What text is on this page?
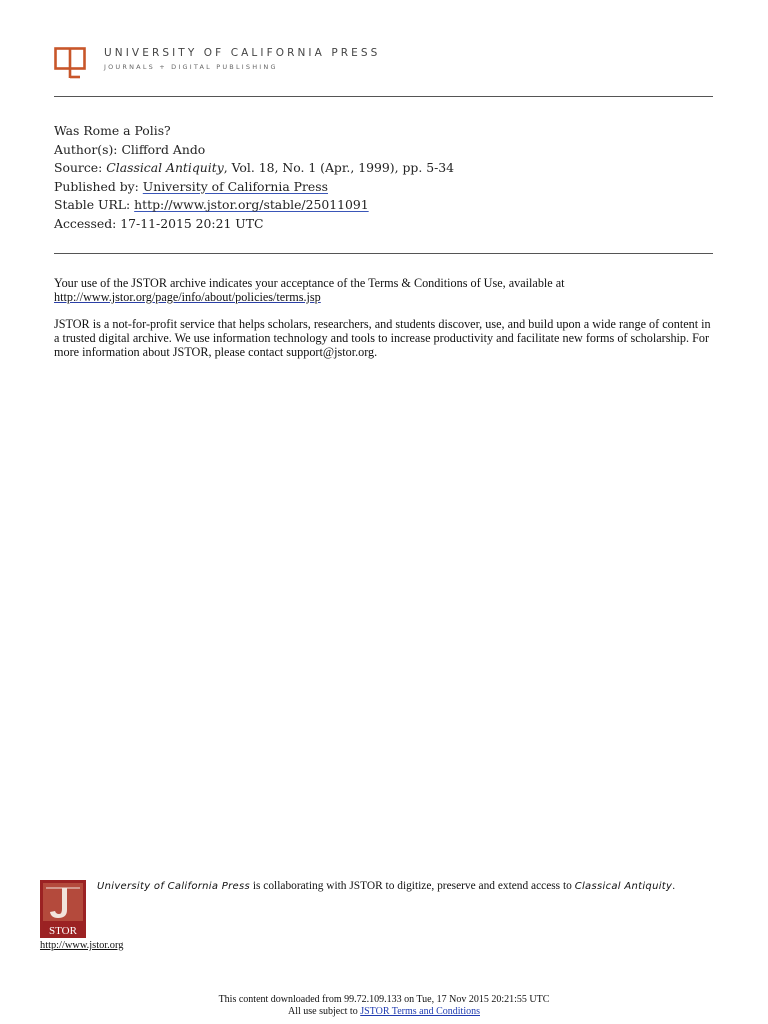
UNIVERSITY OF CALIFORNIA PRESS
JOURNALS + DIGITAL PUBLISHING
Was Rome a Polis?
Author(s): Clifford Ando
Source: Classical Antiquity, Vol. 18, No. 1 (Apr., 1999), pp. 5-34
Published by: University of California Press
Stable URL: http://www.jstor.org/stable/25011091
Accessed: 17-11-2015 20:21 UTC

Your use of the JSTOR archive indicates your acceptance of the Terms & Conditions of Use, available at http://www.jstor.org/page/info/about/policies/terms.jsp

JSTOR is a not-for-profit service that helps scholars, researchers, and students discover, use, and build upon a wide range of content in a trusted digital archive. We use information technology and tools to increase productivity and facilitate new forms of scholarship. For more information about JSTOR, please contact support@jstor.org.

STOR
University of California Press is collaborating with JSTOR to digitize, preserve and extend access to Classical Antiquity.
http://www.jstor.org
This content downloaded from 99.72.109.133 on Tue, 17 Nov 2015 20:21:55 UTC
All use subject to JSTOR Terms and Conditions
